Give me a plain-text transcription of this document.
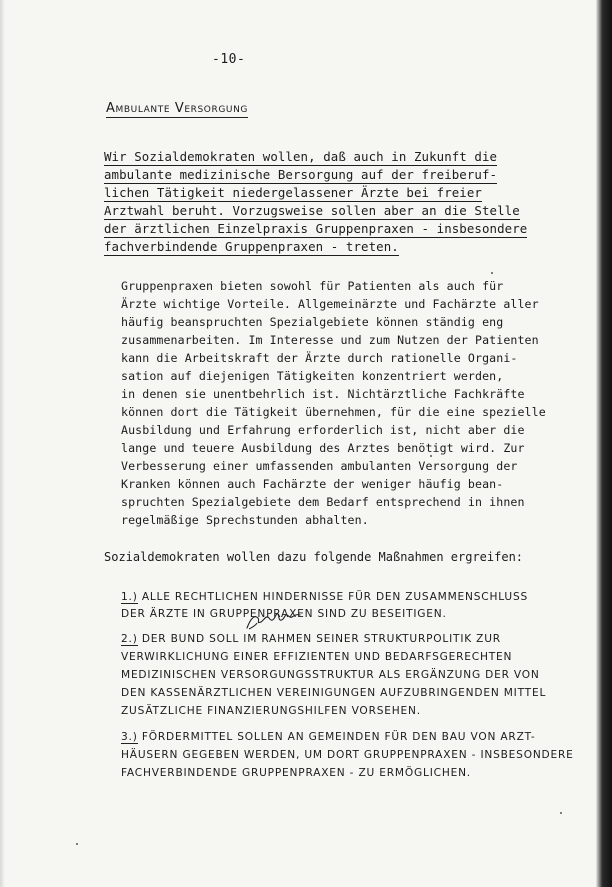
-10-
Ambulante Versorgung
Wir Sozialdemokraten wollen, daß auch in Zukunft die
ambulante medizinische Bersorgung auf der freiberuf-
lichen Tätigkeit niedergelassener Ärzte bei freier
Arztwahl beruht. Vorzugsweise sollen aber an die Stelle
der ärztlichen Einzelpraxis Gruppenpraxen - insbesondere
fachverbindende Gruppenpraxen - treten.
Gruppenpraxen bieten sowohl für Patienten als auch für
Ärzte wichtige Vorteile. Allgemeinärzte und Fachärzte aller
häufig beanspruchten Spezialgebiete können ständig eng
zusammenarbeiten. Im Interesse und zum Nutzen der Patienten
kann die Arbeitskraft der Ärzte durch rationelle Organi-
sation auf diejenigen Tätigkeiten konzentriert werden,
in denen sie unentbehrlich ist. Nichtärztliche Fachkräfte
können dort die Tätigkeit übernehmen, für die eine spezielle
Ausbildung und Erfahrung erforderlich ist, nicht aber die
lange und teuere Ausbildung des Arztes benötigt wird. Zur
Verbesserung einer umfassenden ambulanten Versorgung der
Kranken können auch Fachärzte der weniger häufig bean-
spruchten Spezialgebiete dem Bedarf entsprechend in ihnen
regelmäßige Sprechstunden abhalten.
Sozialdemokraten wollen dazu folgende Maßnahmen ergreifen:
1.) ALLE RECHTLICHEN HINDERNISSE FÜR DEN ZUSAMMENSCHLUSS
DER ÄRZTE IN GRUPPENPRAXEN SIND ZU BESEITIGEN.
2.) DER BUND SOLL IM RAHMEN SEINER STRUKTURPOLITIK ZUR
VERWIRKLICHUNG EINER EFFIZIENTEN UND BEDARFSGERECHTEN
MEDIZINISCHEN VERSORGUNGSSTRUKTUR ALS ERGÄNZUNG DER VON
DEN KASSENÄRZTLICHEN VEREINIGUNGEN AUFZUBRINGENDEN MITTEL
ZUSÄTZLICHE FINANZIERUNGSHILFEN VORSEHEN.
3.) FÖRDERMITTEL SOLLEN AN GEMEINDEN FÜR DEN BAU VON ARZT-
HÄUSERN GEGEBEN WERDEN, UM DORT GRUPPENPRAXEN - INSBESONDERE
FACHVERBINDENDE GRUPPENPRAXEN - ZU ERMÖGLICHEN.
